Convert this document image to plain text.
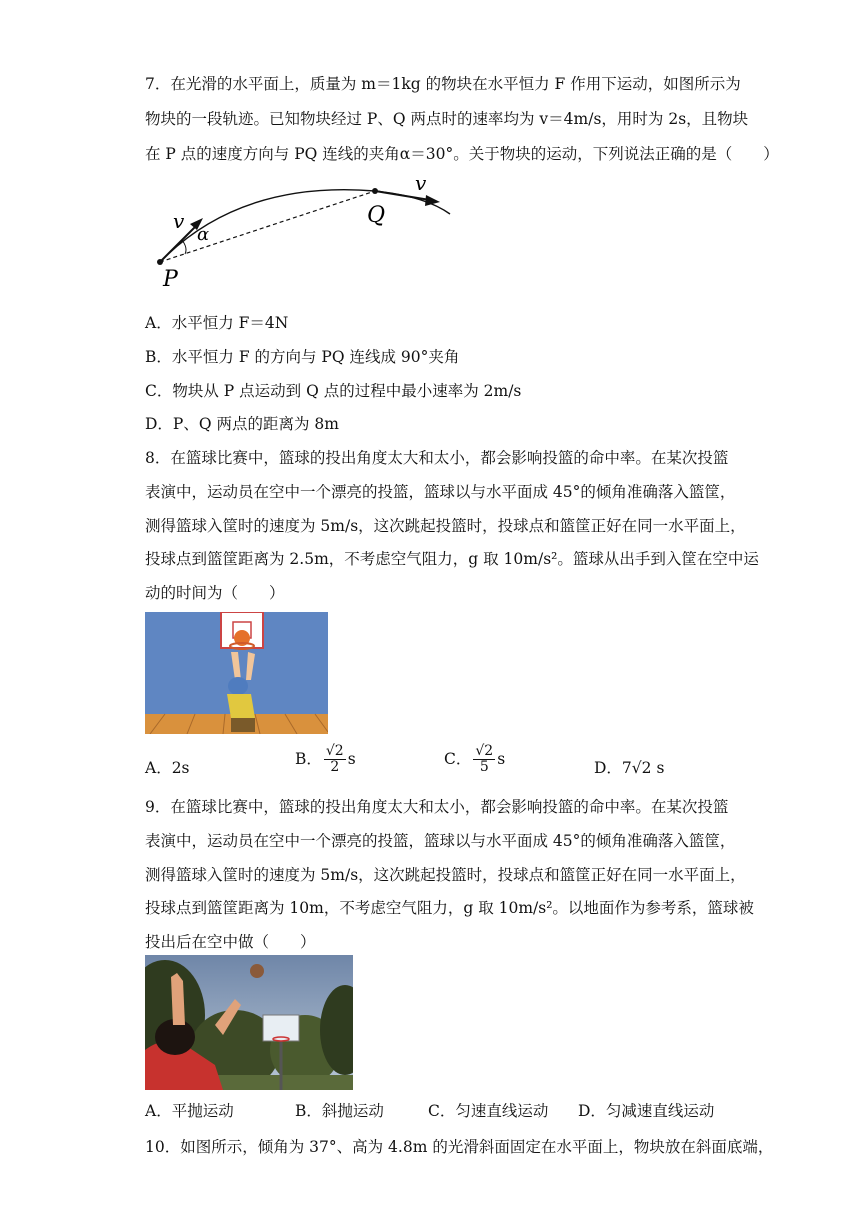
7．在光滑的水平面上，质量为 m＝1kg 的物块在水平恒力 F 作用下运动，如图所示为
物块的一段轨迹。已知物块经过 P、Q 两点时的速率均为 v＝4m/s，用时为 2s，且物块
在 P 点的速度方向与 PQ 连线的夹角α＝30°。关于物块的运动，下列说法正确的是（　　）
v
α
P
Q
v
A．水平恒力 F＝4N
B．水平恒力 F 的方向与 PQ 连线成 90°夹角
C．物块从 P 点运动到 Q 点的过程中最小速率为 2m/s
D．P、Q 两点的距离为 8m
8．在篮球比赛中，篮球的投出角度太大和太小，都会影响投篮的命中率。在某次投篮
表演中，运动员在空中一个漂亮的投篮，篮球以与水平面成 45°的倾角准确落入篮筐，
测得篮球入筐时的速度为 5m/s，这次跳起投篮时，投球点和篮筐正好在同一水平面上，
投球点到篮筐距离为 2.5m，不考虑空气阻力，g 取 10m/s²。篮球从出手到入筐在空中运
动的时间为（　　）
A．2s
B． $\frac{√2}{2}$ s	C． $\frac{√2}{5}$ s
D．7√2 s
9．在篮球比赛中，篮球的投出角度太大和太小，都会影响投篮的命中率。在某次投篮
表演中，运动员在空中一个漂亮的投篮，篮球以与水平面成 45°的倾角准确落入篮筐，
测得篮球入筐时的速度为 5m/s，这次跳起投篮时，投球点和篮筐正好在同一水平面上，
投球点到篮筐距离为 10m，不考虑空气阻力，g 取 10m/s²。以地面作为参考系，篮球被
投出后在空中做（　　）
A．平抛运动	B．斜抛运动	C．匀速直线运动 D．匀减速直线运动
10．如图所示，倾角为 37°、高为 4.8m 的光滑斜面固定在水平面上，物块放在斜面底端，
